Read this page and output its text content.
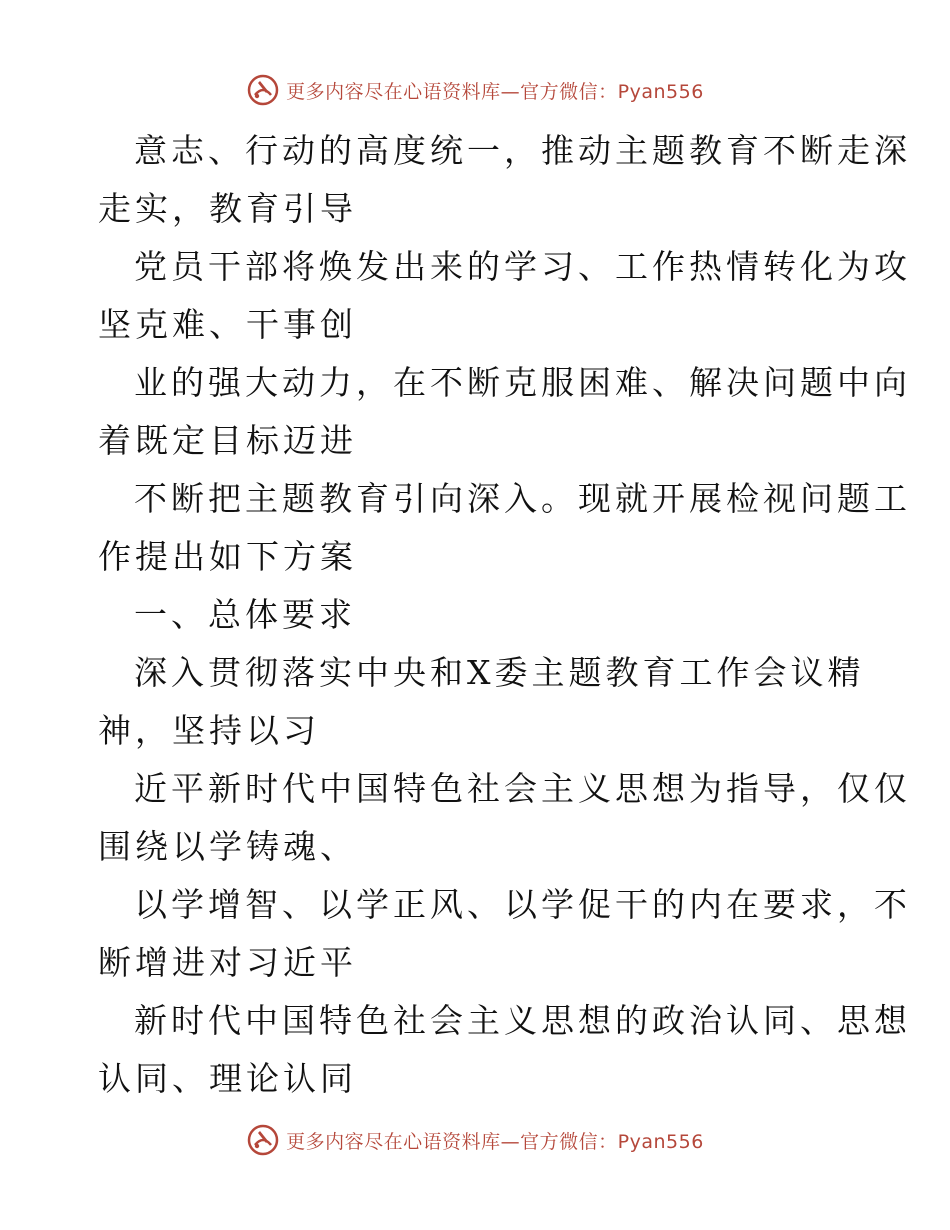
更多内容尽在心语资料库—官方微信：Pyan556

意志、行动的高度统一，推动主题教育不断走深

走实，教育引导

党员干部将焕发出来的学习、工作热情转化为攻

坚克难、干事创

业的强大动力，在不断克服困难、解决问题中向

着既定目标迈进

不断把主题教育引向深入。现就开展检视问题工

作提出如下方案

一、总体要求

深入贯彻落实中央和X委主题教育工作会议精

神，坚持以习

近平新时代中国特色社会主义思想为指导，仅仅

围绕以学铸魂、

以学增智、以学正风、以学促干的内在要求，不

断增进对习近平

新时代中国特色社会主义思想的政治认同、思想

认同、理论认同

更多内容尽在心语资料库—官方微信：Pyan556
